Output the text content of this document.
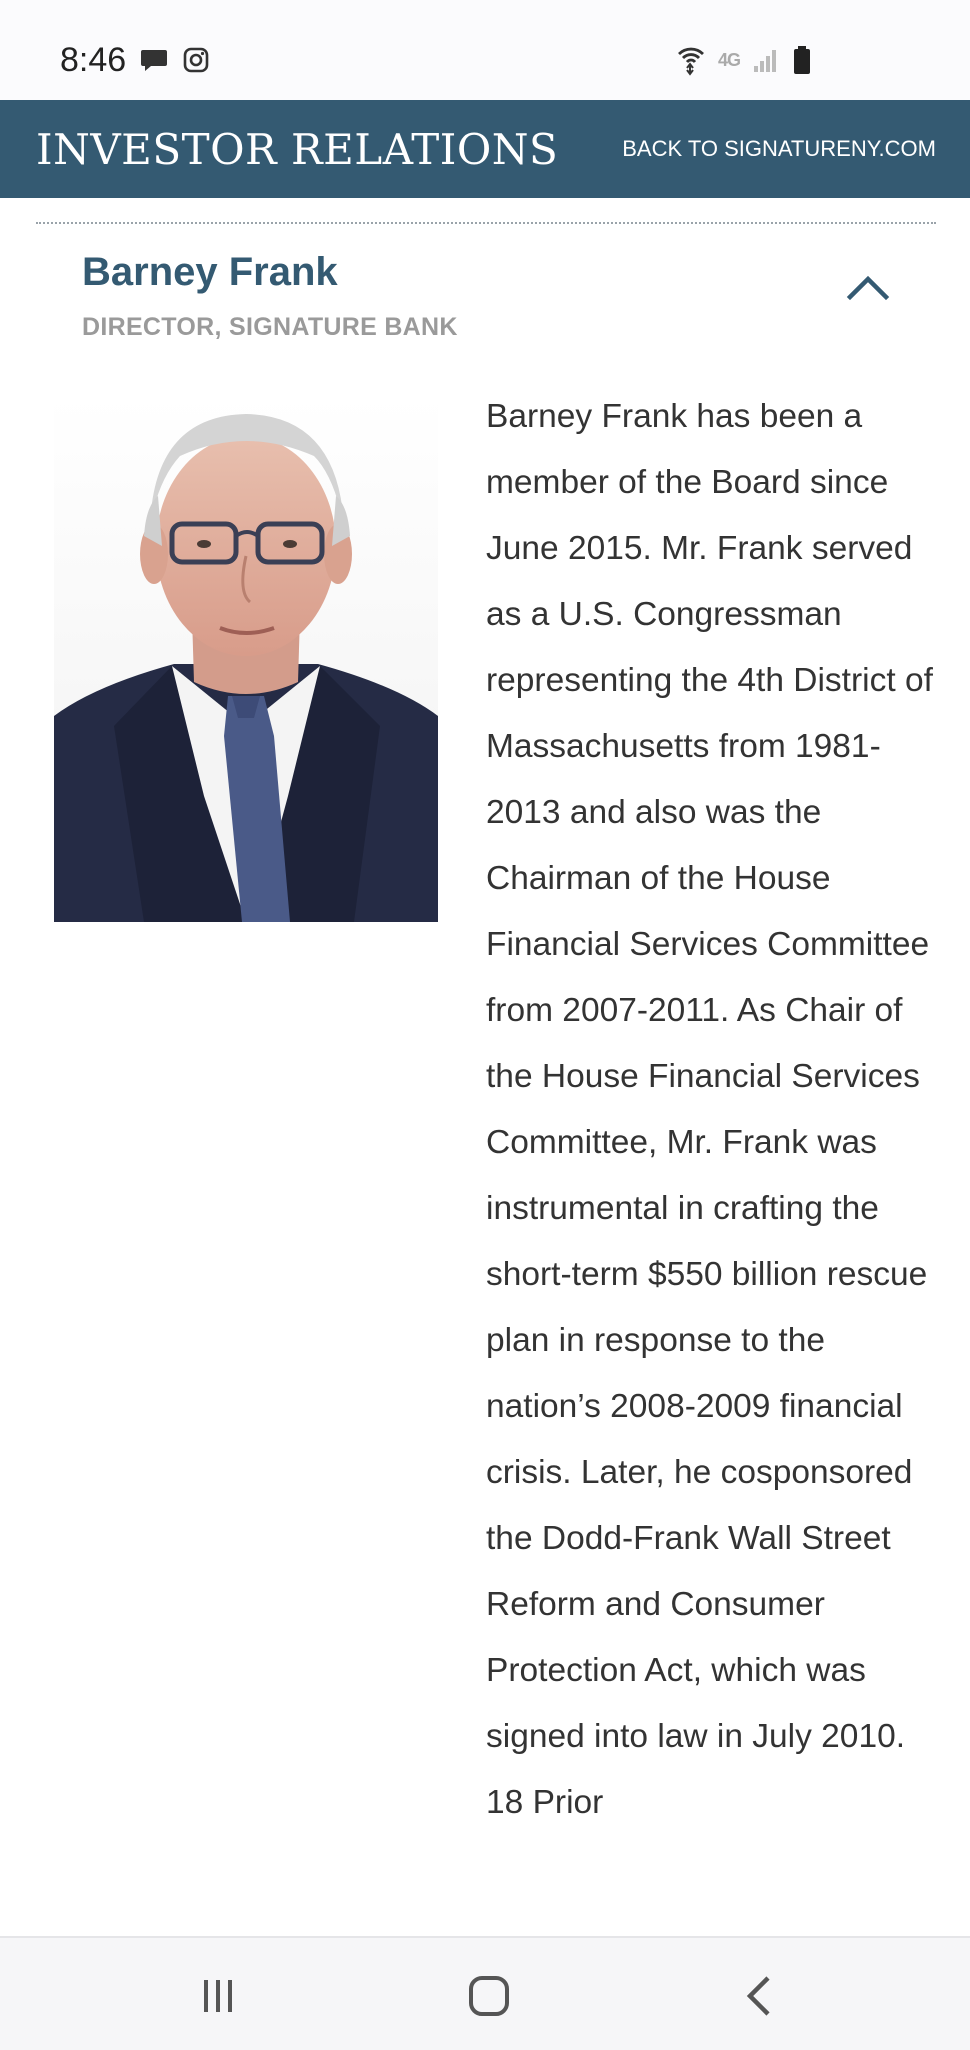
8:46	4G
INVESTOR RELATIONS	BACK TO SIGNATURENY.COM
Barney Frank
DIRECTOR, SIGNATURE BANK

Barney Frank has been a member of the Board since June 2015. Mr. Frank served as a U.S. Congressman representing the 4th District of Massachusetts from 1981-2013 and also was the Chairman of the House Financial Services Committee from 2007-2011. As Chair of the House Financial Services Committee, Mr. Frank was instrumental in crafting the short-term $550 billion rescue plan in response to the nation’s 2008-2009 financial crisis. Later, he cosponsored the Dodd-Frank Wall Street Reform and Consumer Protection Act, which was signed into law in July 2010. 18 Prior
